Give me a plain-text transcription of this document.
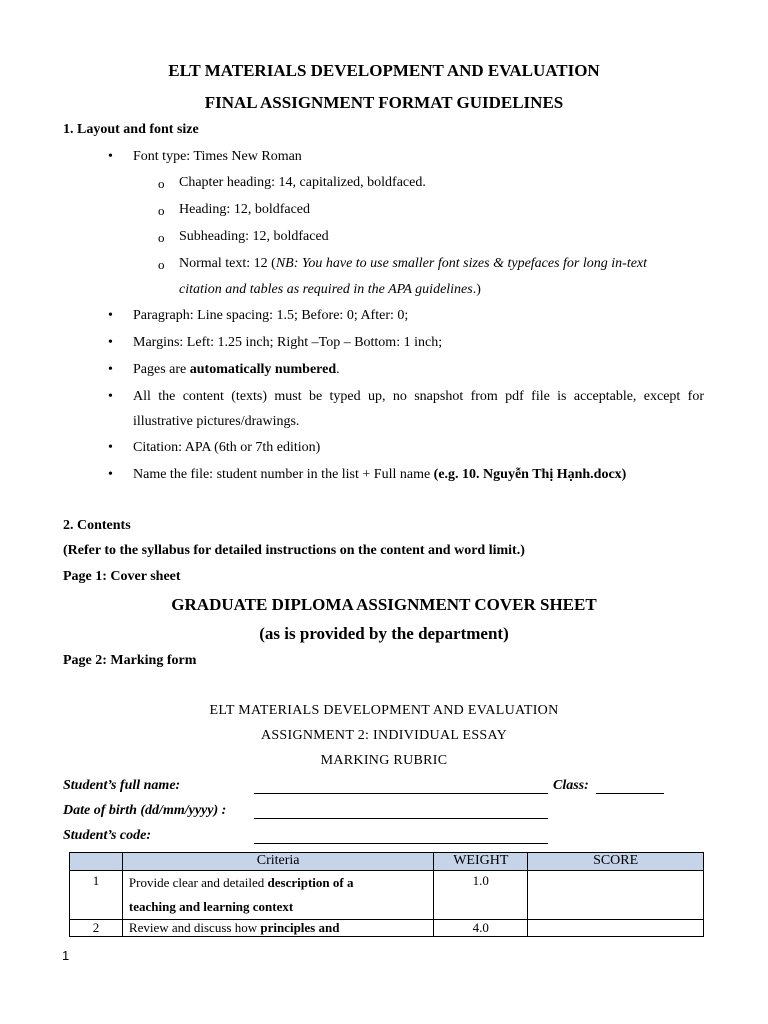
ELT MATERIALS DEVELOPMENT AND EVALUATION
FINAL ASSIGNMENT FORMAT GUIDELINES
1. Layout and font size
• Font type: Times New Roman
o Chapter heading: 14, capitalized, boldfaced.
o Heading: 12, boldfaced
o Subheading: 12, boldfaced
o Normal text: 12 (NB: You have to use smaller font sizes & typefaces for long in-text
citation and tables as required in the APA guidelines.)
• Paragraph: Line spacing: 1.5; Before: 0; After: 0;
• Margins: Left: 1.25 inch; Right –Top – Bottom: 1 inch;
• Pages are automatically numbered.
• All the content (texts) must be typed up, no snapshot from pdf file is acceptable, except for
illustrative pictures/drawings.
• Citation: APA (6th or 7th edition)
• Name the file: student number in the list + Full name (e.g. 10. Nguyễn Thị Hạnh.docx)
2. Contents
(Refer to the syllabus for detailed instructions on the content and word limit.)
Page 1: Cover sheet
GRADUATE DIPLOMA ASSIGNMENT COVER SHEET
(as is provided by the department)
Page 2: Marking form
ELT MATERIALS DEVELOPMENT AND EVALUATION
ASSIGNMENT 2: INDIVIDUAL ESSAY
MARKING RUBRIC
Student’s full name:	Class:
Date of birth (dd/mm/yyyy) :
Student’s code:
	Criteria	WEIGHT	SCORE
1	Provide clear and detailed description of a
teaching and learning context	1.0	
2	Review and discuss how principles and	4.0	
1
